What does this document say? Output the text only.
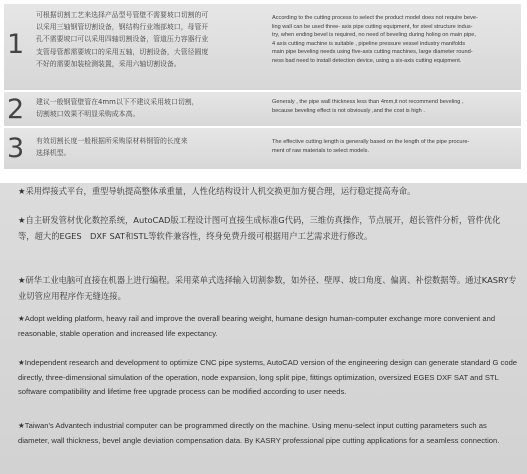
1
可根据切割工艺来选择产品型号管壁不需要坡口切割的可
以采用三轴钢管切割设备，钢结构行业端部坡口，母管开
孔不需要坡口可以采用四轴切割设备，管道压力容器行业
支管母管都需要坡口的采用五轴，切割设备，大管径圆度
不好的需要加装检测装置，采用六轴切割设备。
According to the cutting process to select the product model does not require beve-
ling wall can be used three- axis pipe cutting equipment, for steel structure indus-
try, when ending bevel is required, no need of beveling during holing on main pipe,
4 axis cutting machine is suitable , pipeline pressure vessel industry manifolds
main pipe beveling needs using five-axis cutting machines, large diameter round-
ness bad need to install detection device, using a six-axis cutting equipment.
2 建议一般钢管壁管在4mm以下不建议采用坡口切割，
切割坡口效果不明显采购成本高。
Generaly , the pipe wall thickness less than 4mm,it not recommend beveling ,
because beveling effect is not obviously ,and the cost is high .
3 有效切割长度一般根据所采购原材料钢管的长度来
选择机型。
The effective cutting length is generally based on the length of the pipe procure-
ment of raw materials to select models.
★采用焊接式平台，重型导轨提高整体承重量，人性化结构设计人机交换更加方便合理，运行稳定提高寿命。
★自主研发管材优化数控系统，AutoCAD版工程设计图可直接生成标准G代码，三维仿真操作，节点展开，超长管件分析，管件优化等，超大的EGES　DXF SAT和STL等软件兼容性，终身免费升级可根据用户工艺需求进行修改。
★研华工业电脑可直接在机器上进行编程。采用菜单式选择输入切割参数，如外径、壁厚、坡口角度、偏离、补偿数据等。通过KASRY专业切管应用程序作无缝连接。
★Adopt welding platform, heavy rail and improve the overall bearing weight, humane design human-computer exchange more convenient and reasonable, stable operation and increased life expectancy.
★Independent research and development to optimize CNC pipe systems, AutoCAD version of the engineering design can generate standard G code directly, three-dimensional simulation of the operation, node expansion, long split pipe, fittings optimization, oversized EGES DXF SAT and STL software compatibility and lifetime free upgrade process can be modified according to user needs.
★Taiwan's Advantech industrial computer can be programmed directly on the machine. Using menu-select input cutting parameters such as diameter, wall thickness, bevel angle deviation compensation data. By KASRY professional pipe cutting applications for a seamless connection.
